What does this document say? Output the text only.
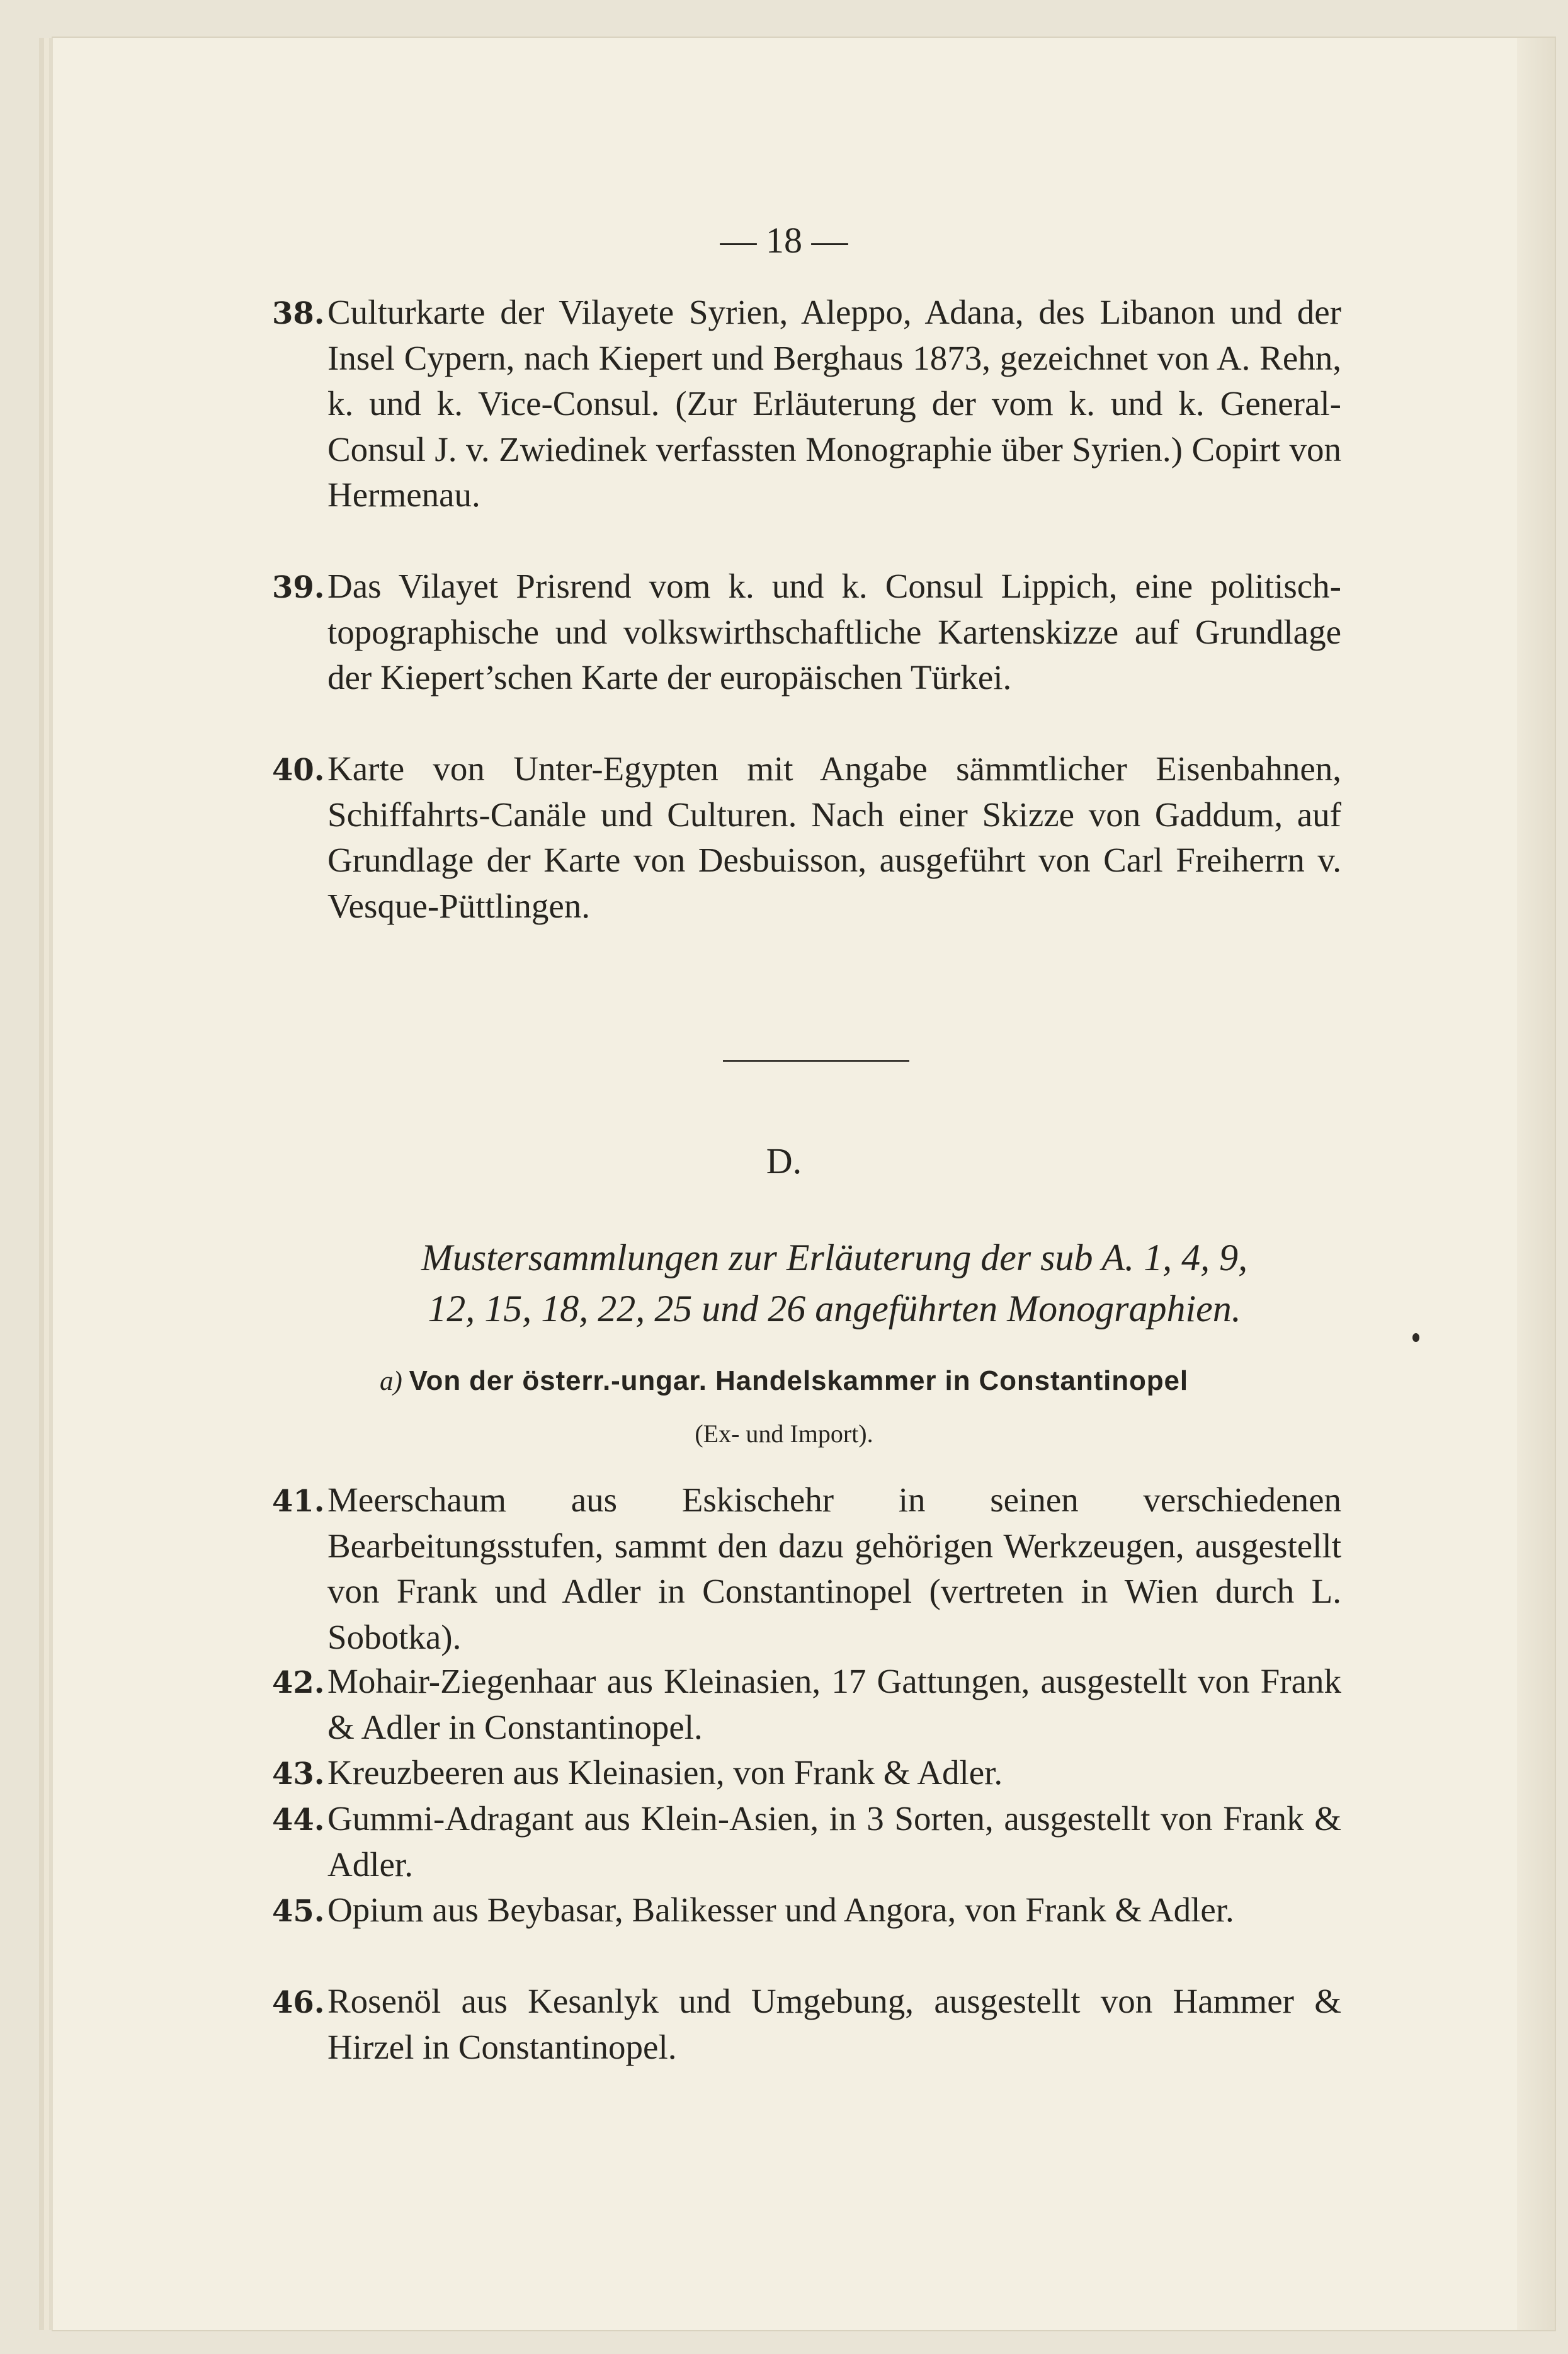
— 18 —
38. Culturkarte der Vilayete Syrien, Aleppo, Adana, des Libanon und der Insel Cypern, nach Kiepert und Berghaus 1873, gezeichnet von A. Rehn, k. und k. Vice-Consul. (Zur Erläuterung der vom k. und k. General-Consul J. v. Zwiedinek verfassten Monographie über Syrien.) Copirt von Hermenau.
39. Das Vilayet Prisrend vom k. und k. Consul Lippich, eine politisch-topographische und volkswirthschaftliche Kartenskizze auf Grundlage der Kiepert’schen Karte der europäischen Türkei.
40. Karte von Unter-Egypten mit Angabe sämmtlicher Eisenbahnen, Schiffahrts-Canäle und Culturen. Nach einer Skizze von Gaddum, auf Grundlage der Karte von Desbuisson, ausgeführt von Carl Freiherrn v. Vesque-Püttlingen.
D.
Mustersammlungen zur Erläuterung der sub A. 1, 4, 9,
12, 15, 18, 22, 25 und 26 angeführten Monographien.
a) Von der österr.-ungar. Handelskammer in Constantinopel
(Ex- und Import).
41. Meerschaum aus Eskischehr in seinen verschiedenen Bearbeitungsstufen, sammt den dazu gehörigen Werkzeugen, ausgestellt von Frank und Adler in Constantinopel (vertreten in Wien durch L. Sobotka).
42. Mohair-Ziegenhaar aus Kleinasien, 17 Gattungen, ausgestellt von Frank & Adler in Constantinopel.
43. Kreuzbeeren aus Kleinasien, von Frank & Adler.
44. Gummi-Adragant aus Klein-Asien, in 3 Sorten, ausgestellt von Frank & Adler.
45. Opium aus Beybasar, Balikesser und Angora, von Frank & Adler.
46. Rosenöl aus Kesanlyk und Umgebung, ausgestellt von Hammer & Hirzel in Constantinopel.
